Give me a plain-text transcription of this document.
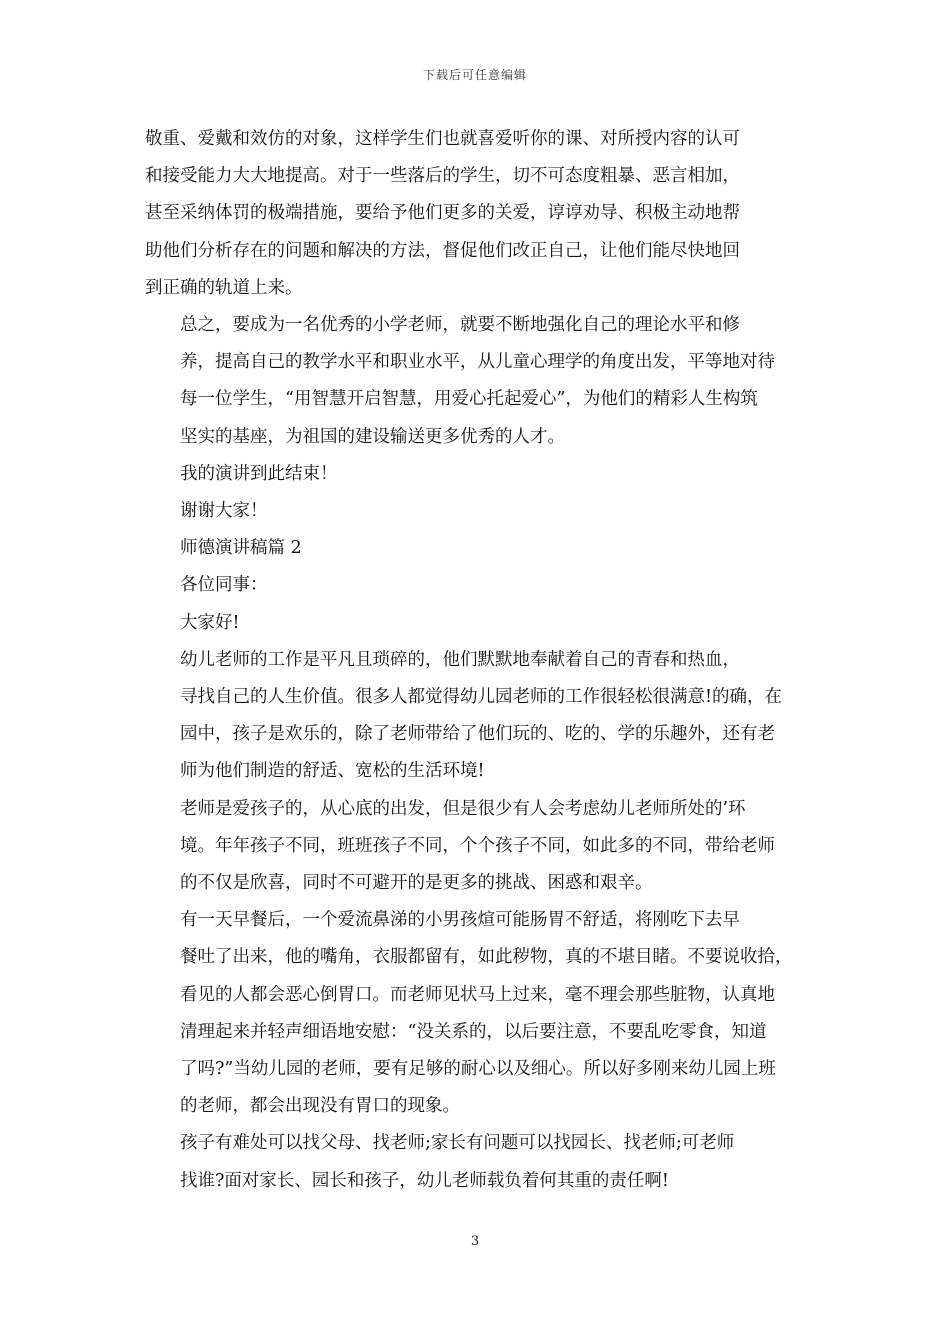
下载后可任意编辑
敬重、爱戴和效仿的对象，这样学生们也就喜爱听你的课、对所授内容的认可
和接受能力大大地提高。对于一些落后的学生，切不可态度粗暴、恶言相加，
甚至采纳体罚的极端措施，要给予他们更多的关爱，谆谆劝导、积极主动地帮
助他们分析存在的问题和解决的方法，督促他们改正自己，让他们能尽快地回
到正确的轨道上来。
总之，要成为一名优秀的小学老师，就要不断地强化自己的理论水平和修
养，提高自己的教学水平和职业水平，从儿童心理学的角度出发，平等地对待
每一位学生，“用智慧开启智慧，用爱心托起爱心”，为他们的精彩人生构筑
坚实的基座，为祖国的建设输送更多优秀的人才。
我的演讲到此结束！
谢谢大家！
师德演讲稿篇 2
各位同事：
大家好!
幼儿老师的工作是平凡且琐碎的，他们默默地奉献着自己的青春和热血，
寻找自己的人生价值。很多人都觉得幼儿园老师的工作很轻松很满意!的确，在
园中，孩子是欢乐的，除了老师带给了他们玩的、吃的、学的乐趣外，还有老
师为他们制造的舒适、宽松的生活环境!
老师是爱孩子的，从心底的出发，但是很少有人会考虑幼儿老师所处的’环
境。年年孩子不同，班班孩子不同，个个孩子不同，如此多的不同，带给老师
的不仅是欣喜，同时不可避开的是更多的挑战、困惑和艰辛。
有一天早餐后，一个爱流鼻涕的小男孩煊可能肠胃不舒适，将刚吃下去早
餐吐了出来，他的嘴角，衣服都留有，如此秽物，真的不堪目睹。不要说收拾，
看见的人都会恶心倒胃口。而老师见状马上过来，毫不理会那些脏物，认真地
清理起来并轻声细语地安慰：“没关系的，以后要注意，不要乱吃零食，知道
了吗?”当幼儿园的老师，要有足够的耐心以及细心。所以好多刚来幼儿园上班
的老师，都会出现没有胃口的现象。
孩子有难处可以找父母、找老师;家长有问题可以找园长、找老师;可老师
找谁?面对家长、园长和孩子，幼儿老师载负着何其重的责任啊!
3
